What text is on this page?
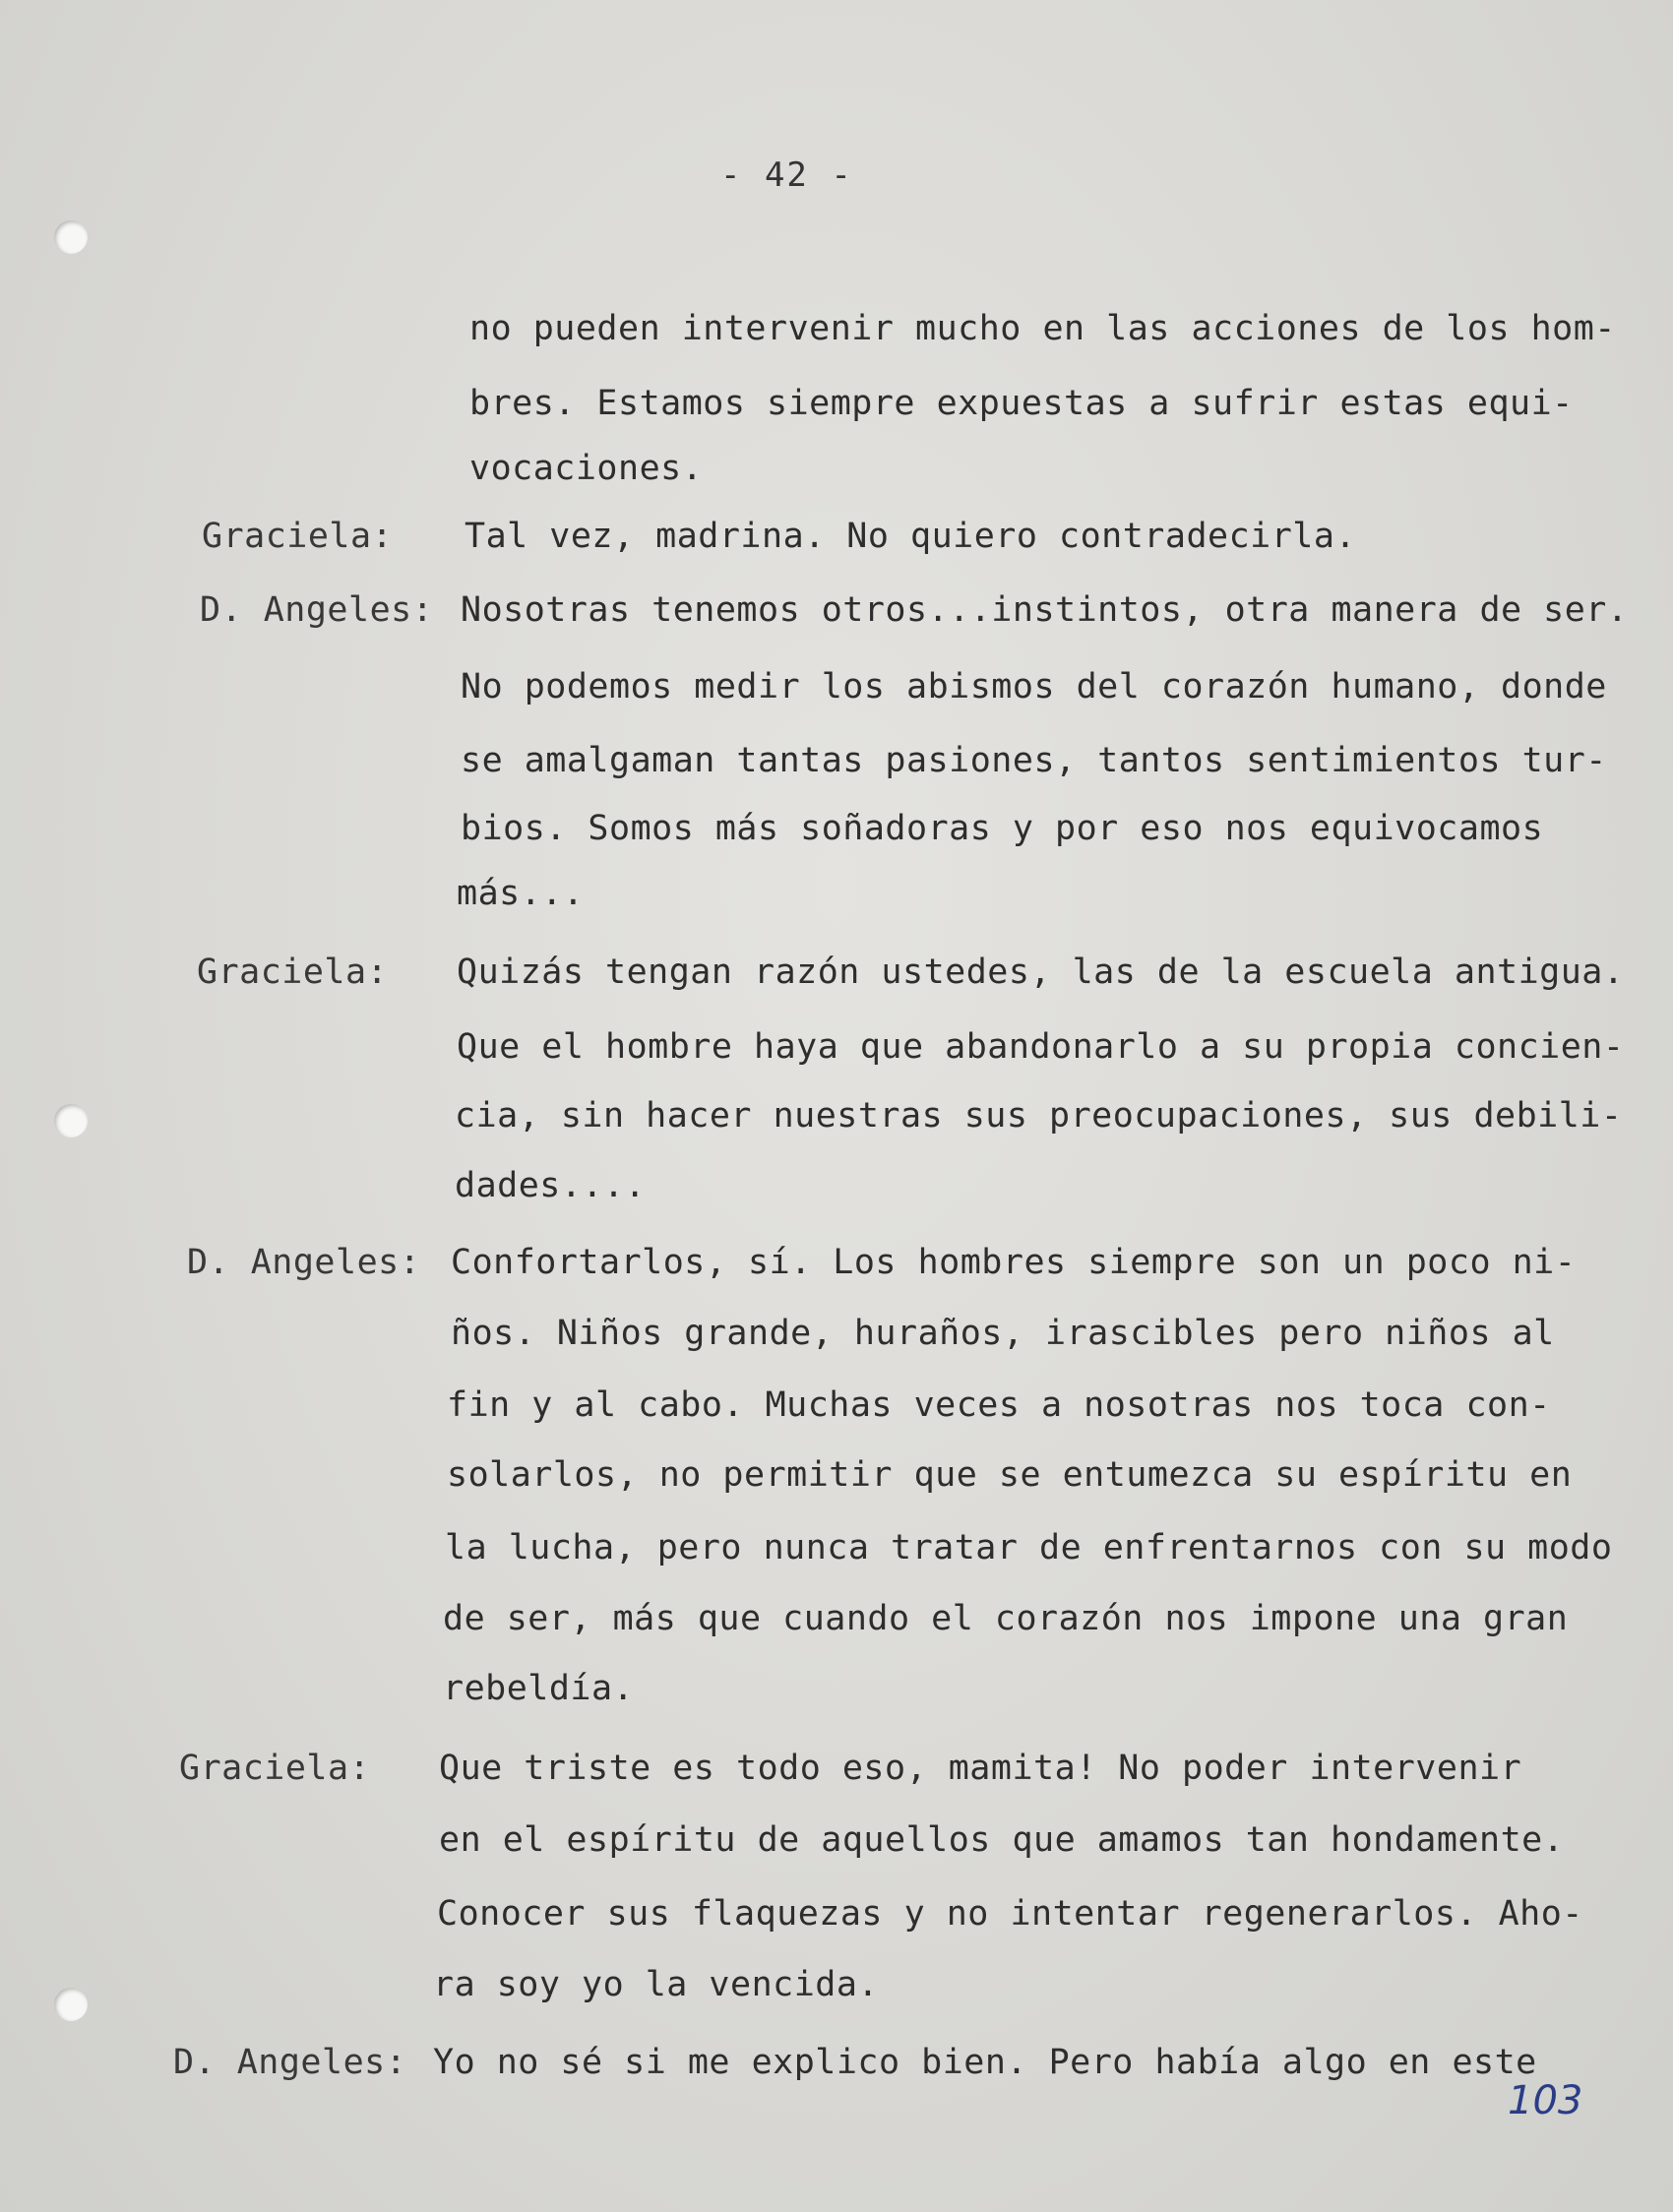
- 42 -
no pueden intervenir mucho en las acciones de los hom-
bres. Estamos siempre expuestas a sufrir estas equi-
vocaciones.
Graciela: Tal vez, madrina. No quiero contradecirla.
D. Angeles: Nosotras tenemos otros...instintos, otra manera de ser.
No podemos medir los abismos del corazón humano, donde
se amalgaman tantas pasiones, tantos sentimientos tur-
bios. Somos más soñadoras y por eso nos equivocamos
más...
Graciela: Quizás tengan razón ustedes, las de la escuela antigua.
Que el hombre haya que abandonarlo a su propia concien-
cia, sin hacer nuestras sus preocupaciones, sus debili-
dades....
D. Angeles: Confortarlos, sí. Los hombres siempre son un poco ni-
ños. Niños grande, huraños, irascibles pero niños al
fin y al cabo. Muchas veces a nosotras nos toca con-
solarlos, no permitir que se entumezca su espíritu en
la lucha, pero nunca tratar de enfrentarnos con su modo
de ser, más que cuando el corazón nos impone una gran
rebeldía.
Graciela: Que triste es todo eso, mamita! No poder intervenir
en el espíritu de aquellos que amamos tan hondamente.
Conocer sus flaquezas y no intentar regenerarlos. Aho-
ra soy yo la vencida.
D. Angeles: Yo no sé si me explico bien. Pero había algo en este
103
